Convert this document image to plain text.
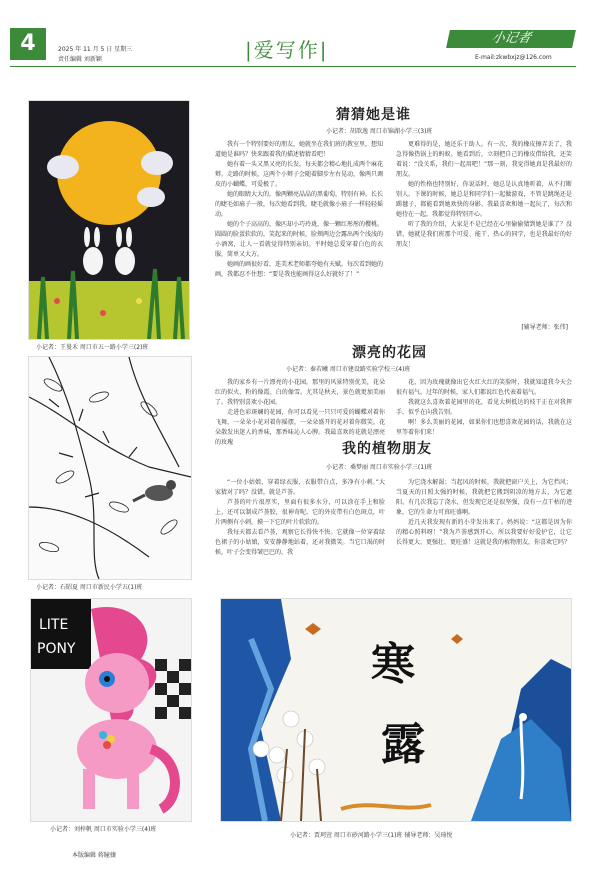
4	2025 年 11 月 5 日 星期三
责任编辑 刘新颖	|爱写作|	小记者
E-mail:zkwbxjz@126.com
小记者：王曼禾 周口市五一路小学三(2)班
小记者：石昭夏 周口市新民小学五(1)班
LITE
PONY
小记者：刘梓帆 周口市实验小学三(4)班
本版编辑 蒋瞳骧
猜猜她是谁
小记者：胡歆逸 周口市锦湖小学三(3)班

我有一个特别要好的朋友，她就坐在我们班的教室里，想知道她是谁吗？快来跟着我的描述猜猜看吧！

她有着一头又黑又亮的长发，每天都会精心地扎成两个麻花辫。走路的时候，这两个小辫子会随着脚步左右晃动，像两只调皮的小蝴蝶，可爱极了。

她的眼睛大大的，像两颗亮晶晶的黑葡萄，特别有神。长长的睫毛如扇子一般，每次她看到我，睫毛就像小扇子一样轻轻摇动。

她的个子高高的，像匹却小巧玲珑，像一颗红彤彤的樱桃。圆圆的脸蛋软软的，笑起来的时候，脸颊两边会露出两个浅浅的小酒窝，让人一看就觉得特别亲切。平时她总爱穿着白色的衣服，简单又大方。

她画的画很好看，连美术老师都夸她有天赋。每次看到她的画，我都忍不住想：“要是我也能画得这么好就好了！”

更难得的是，她还乐于助人。有一次，我的橡皮擦弄丢了，我急得像热锅上的蚂蚁。她看到后，立刻把自己的橡皮借给我，还笑着说：“没关系，我们一起用吧！”那一刻，我觉得她真是我最好的朋友。

她的性格也特别好，你说话时，她总是认真地听着，从不打断别人。下课的时候，她总是和同学们一起做游戏，不管是跳绳还是踢毽子，都能看到她欢快的身影。我最喜欢和她一起玩了，每次和她待在一起，我都觉得特别开心。

听了我的介绍，大家是不是已经在心里偷偷猜到她是谁了？没错，她就是我们班那个可爱、能干、热心的同学，也是我最好的好朋友！

[辅导老师：张伟]
漂亮的花园
小记者：秦若曦 周口市建设路实验学校三(4)班

我的家乡有一片漂亮的小花园，那里的风景特别优美，花朵红的似火、粉的像霞、白的像雪。尤其是秋天，景色就更加美丽了。我特别喜欢小花园。

走进色彩斑斓的花园，你可以看见一只只可爱的蝴蝶对着你飞舞，一朵朵小花对着你摇摆，一朵朵盛开的花对着你微笑。花朵散发出迷人的香味，那香味沁人心脾。我最喜欢的花就是漂亮的玫瑰

花，因为玫瑰就像出它火红火红的笑脸时，我就知道我今天会很有福气。过年的时候，家人们都说红色代表着福气。

我就这么喜欢着花园里的花，看见大树抵达的枝干正在对我挥手，似乎在向我告别。

啊！多么美丽的花园，如果你们也想喜欢花园的话，我就在这里等着你们来！

我的植物朋友
小记者：桑梦丽 周口市实验小学三(1)班

“一位小姑娘，穿着绿衣服，衣服带白点，多净有小刺。”大家猜对了吗？没错，就是芦荟。

芦荟的叶片很厚实，里面有很多水分，可以涂在手上和脸上，还可以制成芦荟胶，很神奇呢。它的外皮带有白色斑点，叶片两侧有小刺，摸一下它的叶片软软的。

我每天都去看芦荟，观察它长得快不快。它就像一位穿着绿色裙子的小姑娘，安安静静地站着，还对我微笑。当它口渴的时候，叶子会变得皱巴巴的，我

为它浇水解渴；当起风的时候，我就把窗户关上，为它挡风；当夏天的日照太强的时候，我就把它搬到阴凉的地方去，为它遮阳。有几次我忘了浇水，但发现它还是很坚强，没有一点干枯的迹象，它的生命力可真旺盛啊。

近几天我发现有新的小芽发出来了。妈妈说：“这都是因为你的精心照料呀！”我为芦荟感到开心，所以我要好好爱护它，让它长得更大、更强壮、更旺盛！这就是我的植物朋友，你喜欢它吗？

寒
露
小记者：贾珂萱 周口市砂河路小学三(1)班 辅导老师：吴琦悦
